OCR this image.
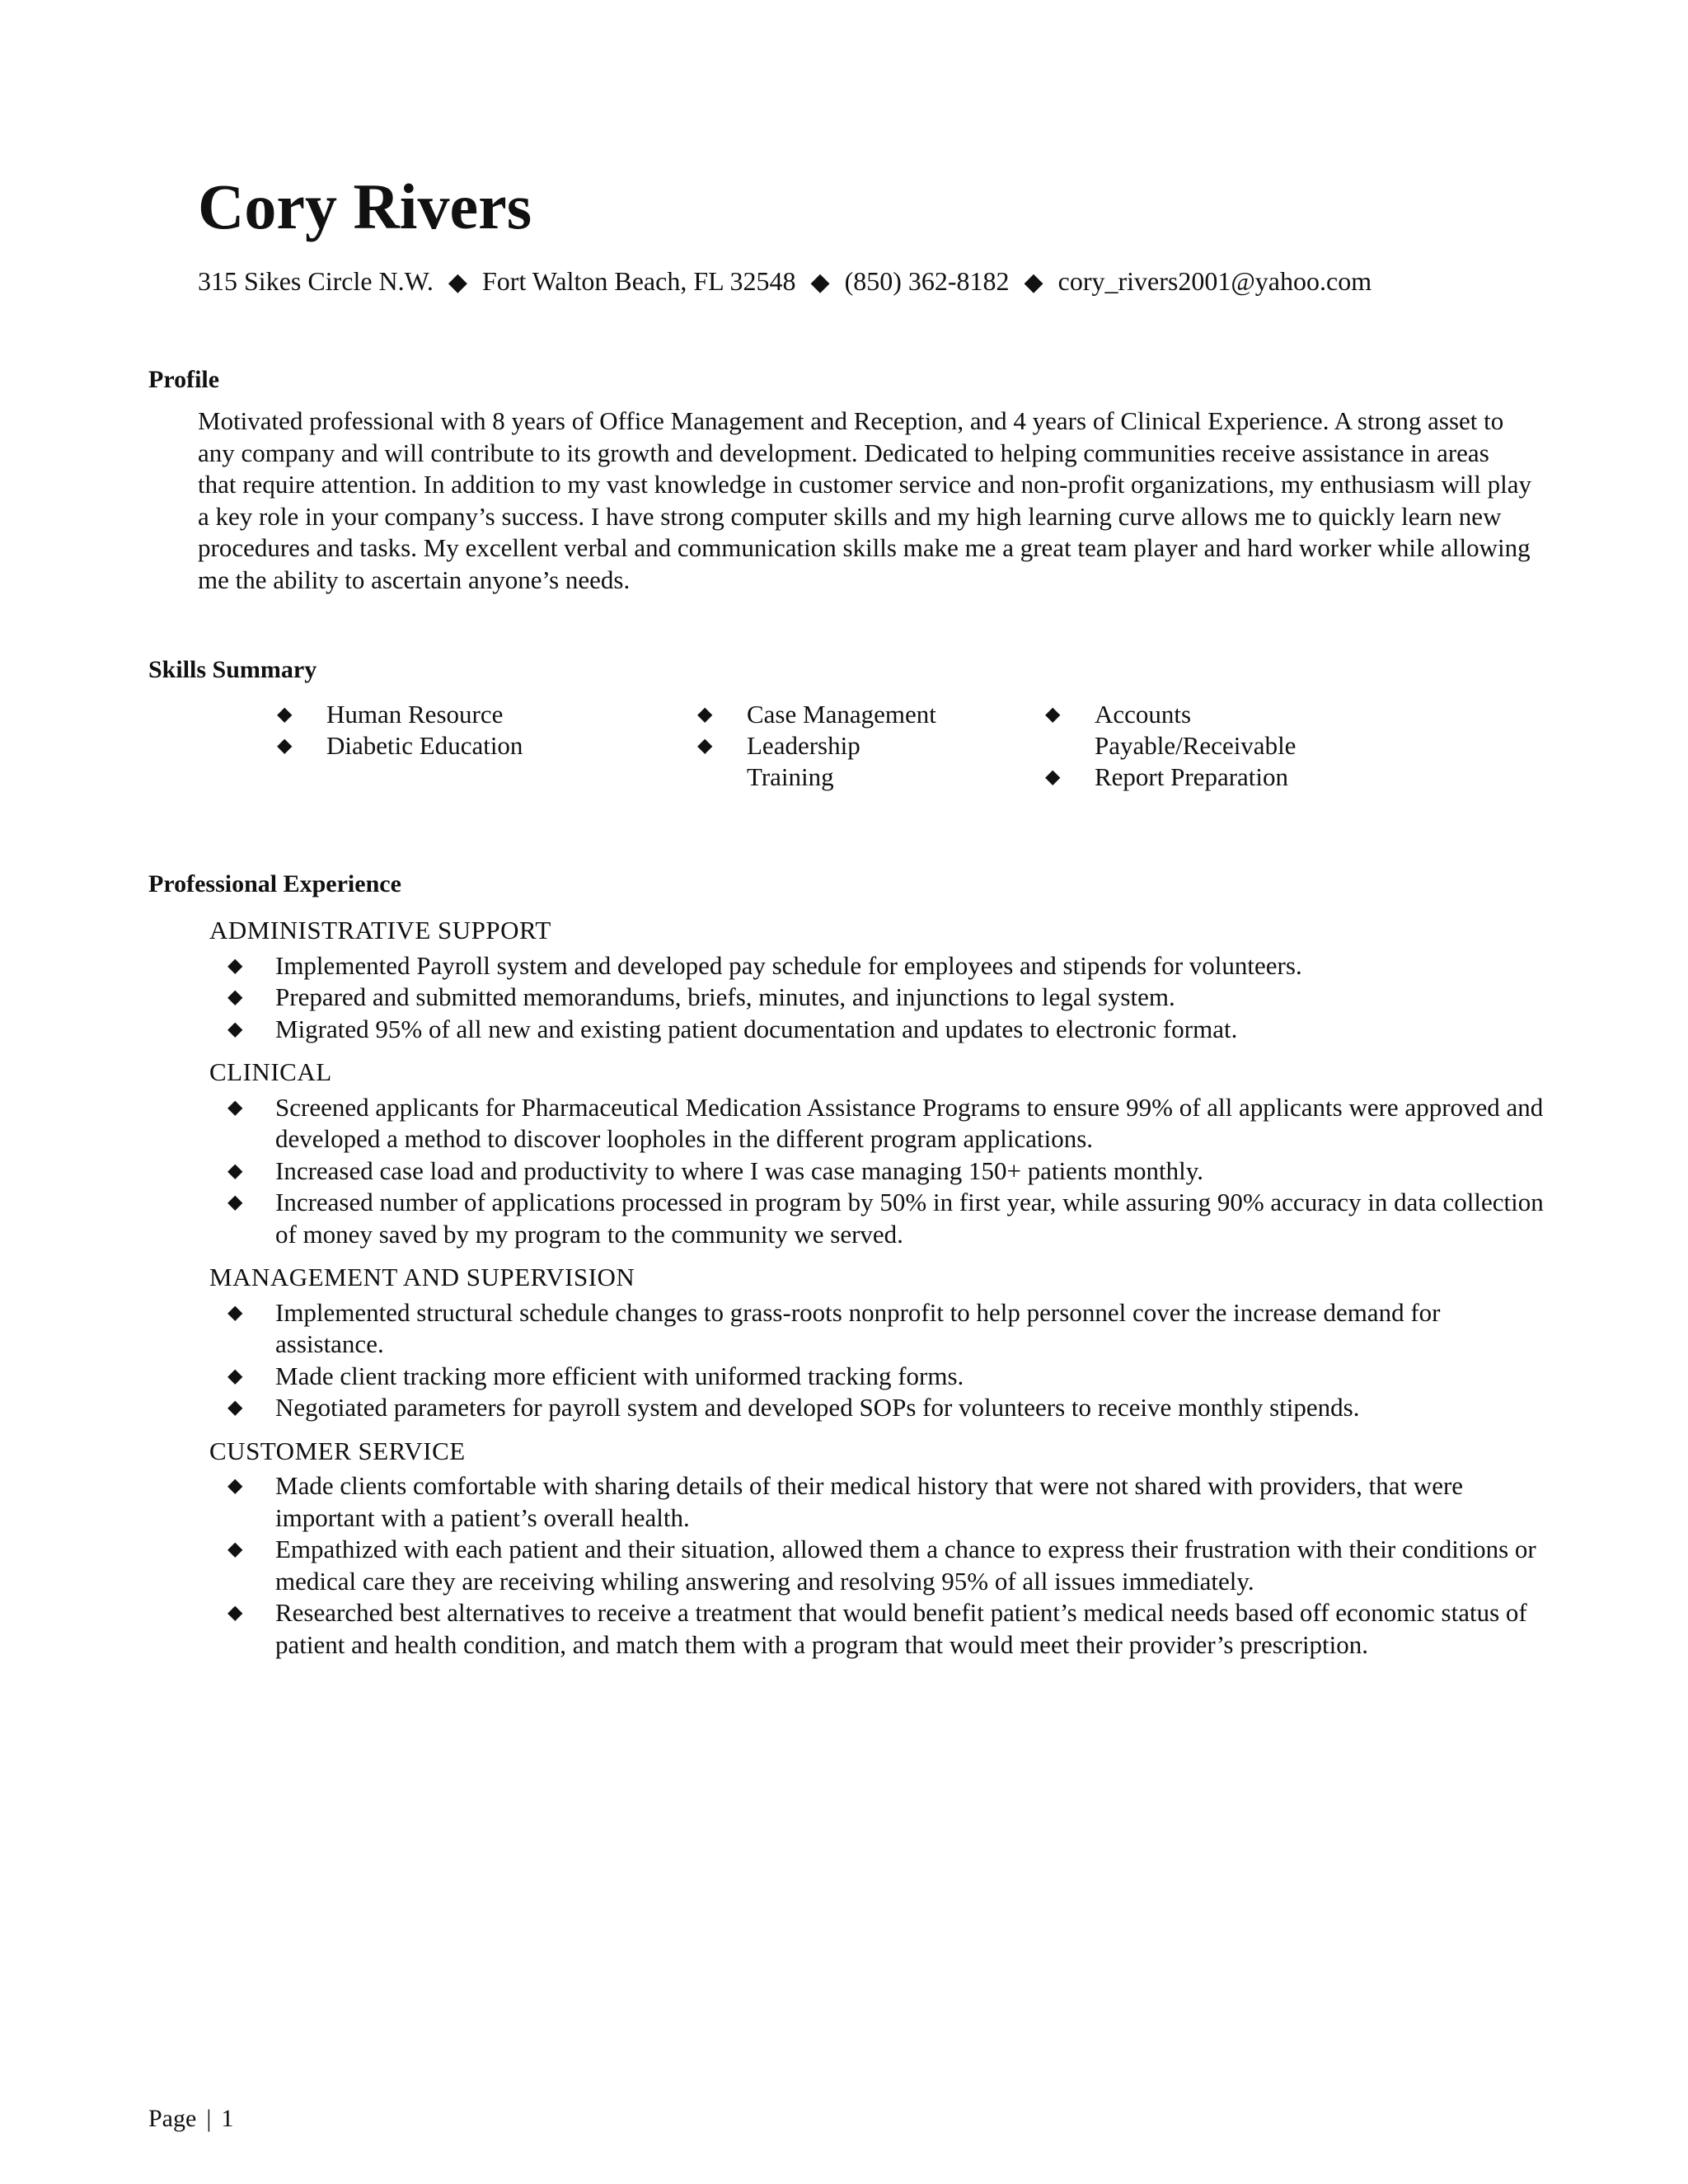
Cory Rivers
315 Sikes Circle N.W. ◆ Fort Walton Beach, FL 32548 ◆ (850) 362-8182 ◆ cory_rivers2001@yahoo.com
Profile

Motivated professional with 8 years of Office Management and Reception, and 4 years of Clinical Experience. A strong asset to any company and will contribute to its growth and development. Dedicated to helping communities receive assistance in areas that require attention. In addition to my vast knowledge in customer service and non-profit organizations, my enthusiasm will play a key role in your company’s success. I have strong computer skills and my high learning curve allows me to quickly learn new procedures and tasks. My excellent verbal and communication skills make me a great team player and hard worker while allowing me the ability to ascertain anyone’s needs.

Skills Summary
◆ Human Resource
◆ Diabetic Education
◆ Case Management
◆ Leadership Training
◆ Accounts Payable/Receivable
◆ Report Preparation
Professional Experience
ADMINISTRATIVE SUPPORT
◆ Implemented Payroll system and developed pay schedule for employees and stipends for volunteers.
◆ Prepared and submitted memorandums, briefs, minutes, and injunctions to legal system.
◆ Migrated 95% of all new and existing patient documentation and updates to electronic format.
CLINICAL
◆ Screened applicants for Pharmaceutical Medication Assistance Programs to ensure 99% of all applicants were approved and developed a method to discover loopholes in the different program applications.
◆ Increased case load and productivity to where I was case managing 150+ patients monthly.
◆ Increased number of applications processed in program by 50% in first year, while assuring 90% accuracy in data collection of money saved by my program to the community we served.
MANAGEMENT AND SUPERVISION
◆ Implemented structural schedule changes to grass-roots nonprofit to help personnel cover the increase demand for assistance.
◆ Made client tracking more efficient with uniformed tracking forms.
◆ Negotiated parameters for payroll system and developed SOPs for volunteers to receive monthly stipends.
CUSTOMER SERVICE
◆ Made clients comfortable with sharing details of their medical history that were not shared with providers, that were important with a patient’s overall health.
◆ Empathized with each patient and their situation, allowed them a chance to express their frustration with their conditions or medical care they are receiving whiling answering and resolving 95% of all issues immediately.
◆ Researched best alternatives to receive a treatment that would benefit patient’s medical needs based off economic status of patient and health condition, and match them with a program that would meet their provider’s prescription.
Page | 1
